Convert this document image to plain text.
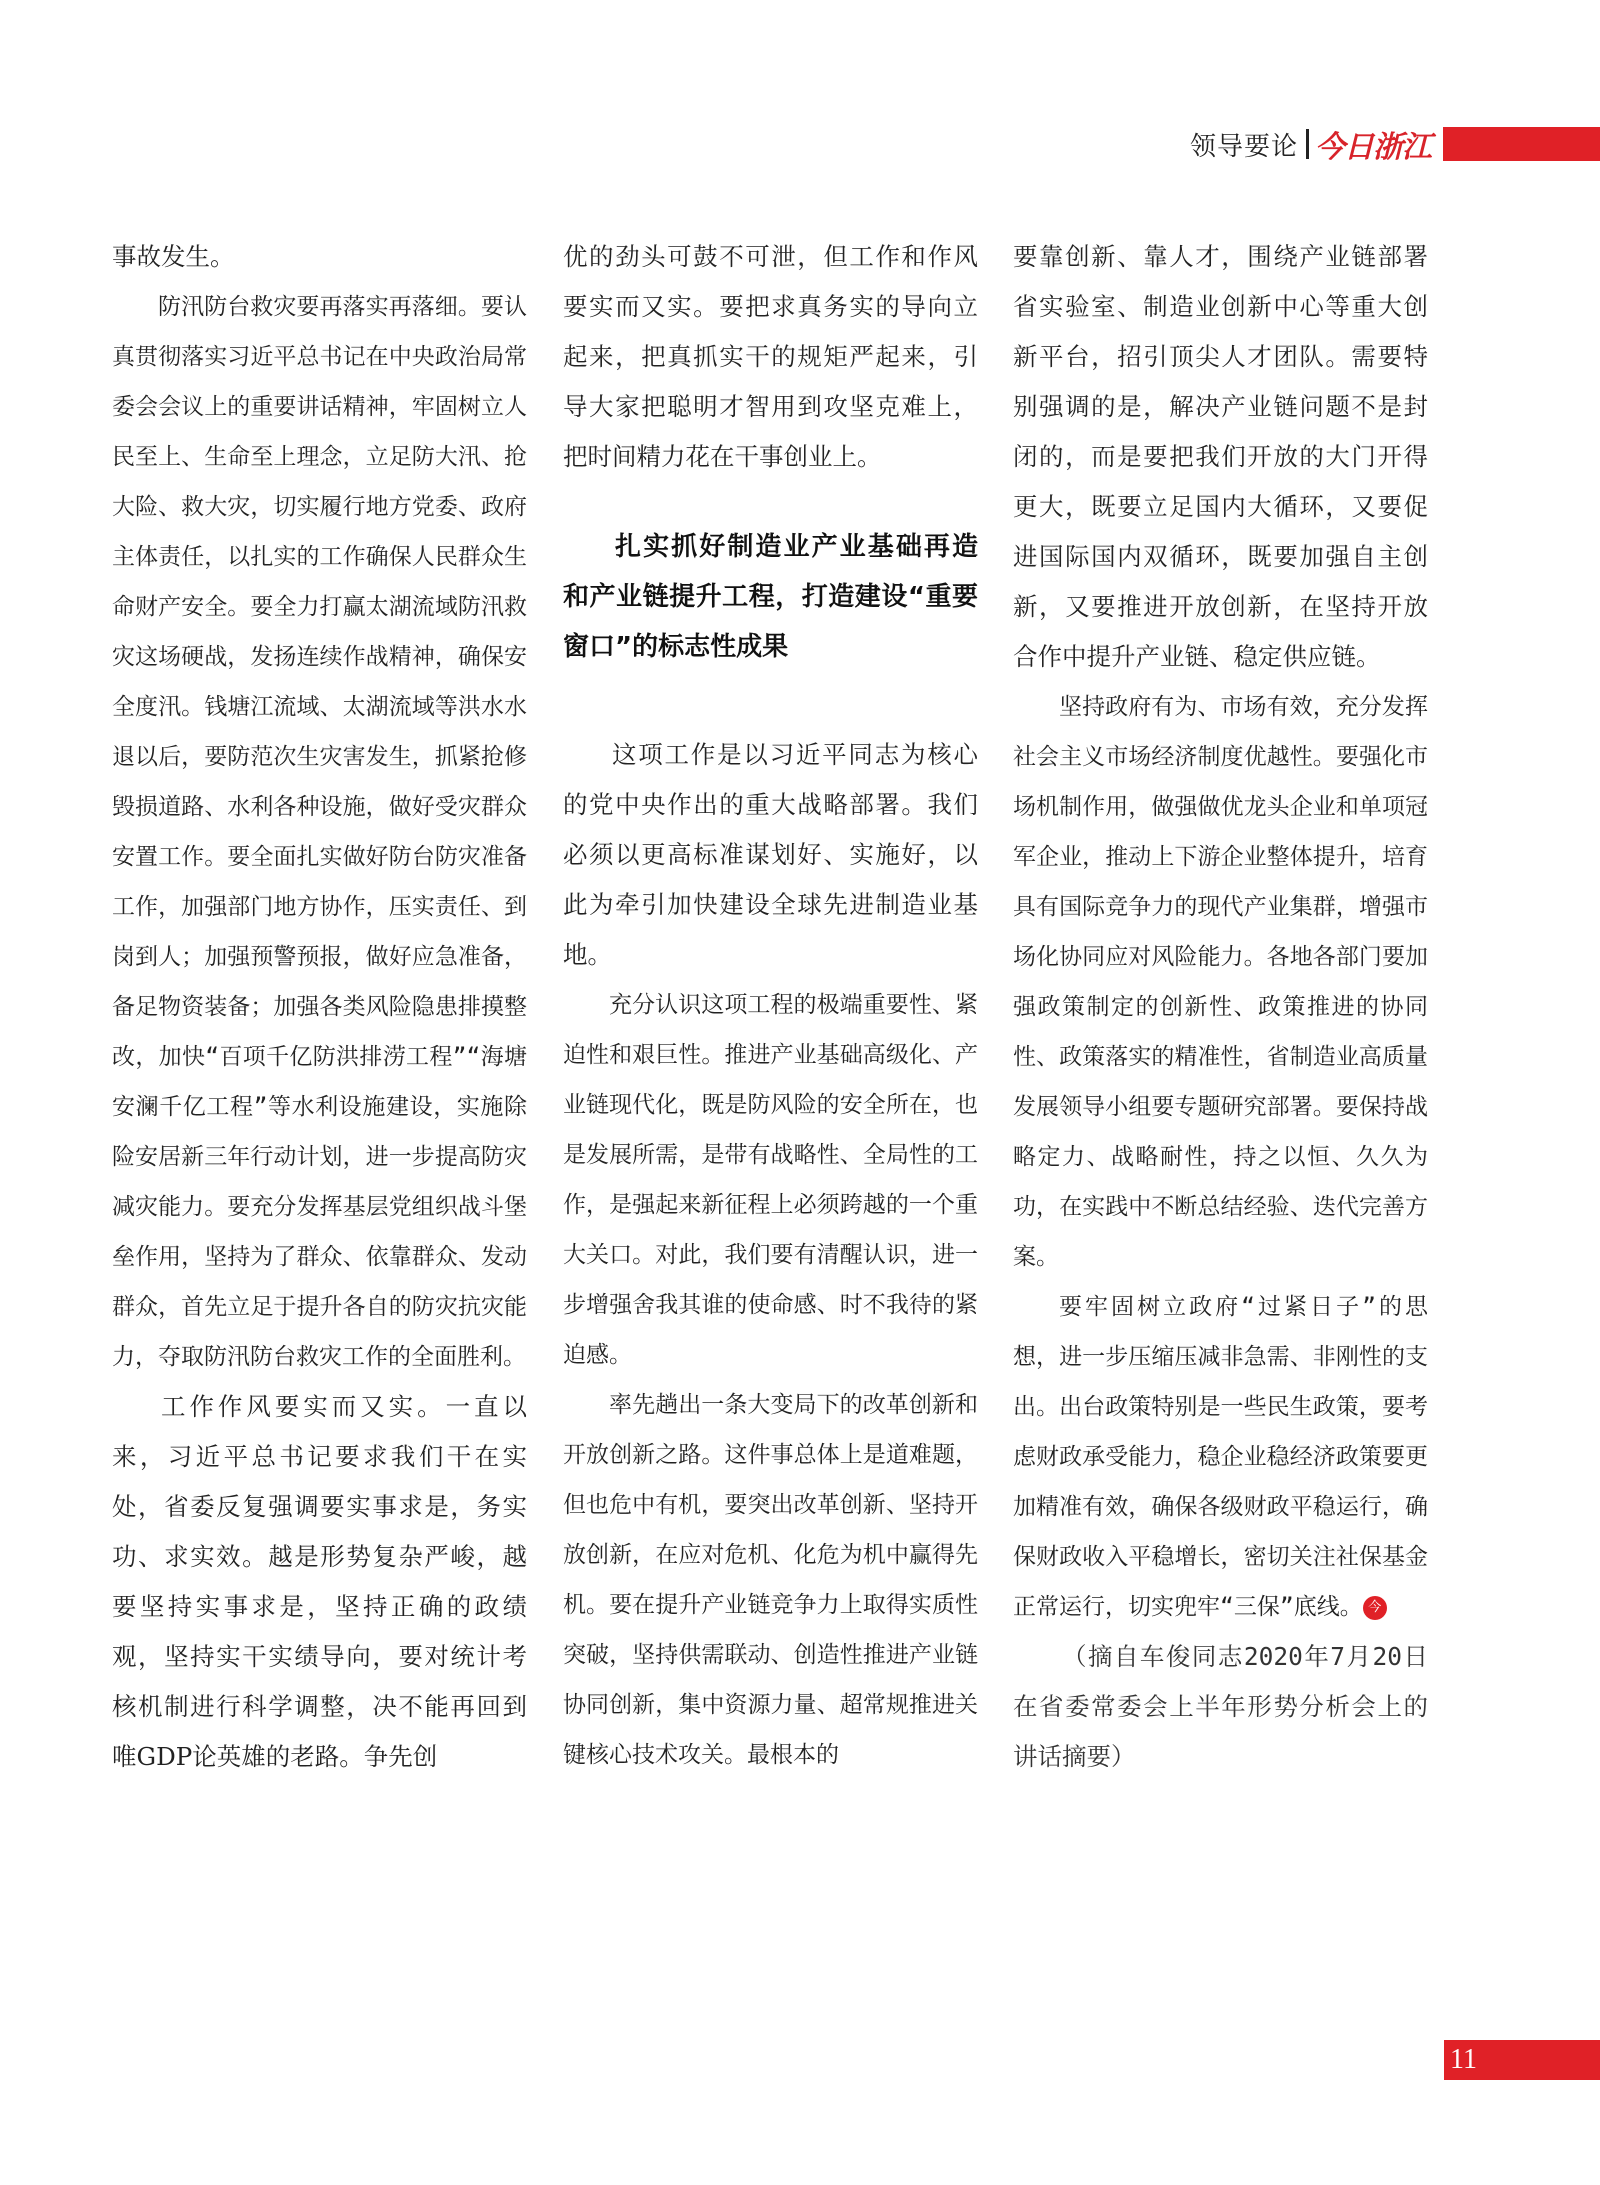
领导要论 今日浙江

事故发生。

防汛防台救灾要再落实再落细。要认真贯彻落实习近平总书记在中央政治局常委会会议上的重要讲话精神，牢固树立人民至上、生命至上理念，立足防大汛、抢大险、救大灾，切实履行地方党委、政府主体责任，以扎实的工作确保人民群众生命财产安全。要全力打赢太湖流域防汛救灾这场硬战，发扬连续作战精神，确保安全度汛。钱塘江流域、太湖流域等洪水水退以后，要防范次生灾害发生，抓紧抢修毁损道路、水利各种设施，做好受灾群众安置工作。要全面扎实做好防台防灾准备工作，加强部门地方协作，压实责任、到岗到人；加强预警预报，做好应急准备，备足物资装备；加强各类风险隐患排摸整改，加快“百项千亿防洪排涝工程”“海塘安澜千亿工程”等水利设施建设，实施除险安居新三年行动计划，进一步提高防灾减灾能力。要充分发挥基层党组织战斗堡垒作用，坚持为了群众、依靠群众、发动群众，首先立足于提升各自的防灾抗灾能力，夺取防汛防台救灾工作的全面胜利。

工作作风要实而又实。一直以来，习近平总书记要求我们干在实处，省委反复强调要实事求是，务实功、求实效。越是形势复杂严峻，越要坚持实事求是，坚持正确的政绩观，坚持实干实绩导向，要对统计考核机制进行科学调整，决不能再回到唯GDP论英雄的老路。争先创

优的劲头可鼓不可泄，但工作和作风要实而又实。要把求真务实的导向立起来，把真抓实干的规矩严起来，引导大家把聪明才智用到攻坚克难上，把时间精力花在干事创业上。

扎实抓好制造业产业基础再造和产业链提升工程，打造建设“重要窗口”的标志性成果

这项工作是以习近平同志为核心的党中央作出的重大战略部署。我们必须以更高标准谋划好、实施好，以此为牵引加快建设全球先进制造业基地。

充分认识这项工程的极端重要性、紧迫性和艰巨性。推进产业基础高级化、产业链现代化，既是防风险的安全所在，也是发展所需，是带有战略性、全局性的工作，是强起来新征程上必须跨越的一个重大关口。对此，我们要有清醒认识，进一步增强舍我其谁的使命感、时不我待的紧迫感。

率先趟出一条大变局下的改革创新和开放创新之路。这件事总体上是道难题，但也危中有机，要突出改革创新、坚持开放创新，在应对危机、化危为机中赢得先机。要在提升产业链竞争力上取得实质性突破，坚持供需联动、创造性推进产业链协同创新，集中资源力量、超常规推进关键核心技术攻关。最根本的

要靠创新、靠人才，围绕产业链部署省实验室、制造业创新中心等重大创新平台，招引顶尖人才团队。需要特别强调的是，解决产业链问题不是封闭的，而是要把我们开放的大门开得更大，既要立足国内大循环，又要促进国际国内双循环，既要加强自主创新，又要推进开放创新，在坚持开放合作中提升产业链、稳定供应链。

坚持政府有为、市场有效，充分发挥社会主义市场经济制度优越性。要强化市场机制作用，做强做优龙头企业和单项冠军企业，推动上下游企业整体提升，培育具有国际竞争力的现代产业集群，增强市场化协同应对风险能力。各地各部门要加强政策制定的创新性、政策推进的协同性、政策落实的精准性，省制造业高质量发展领导小组要专题研究部署。要保持战略定力、战略耐性，持之以恒、久久为功，在实践中不断总结经验、迭代完善方案。

要牢固树立政府“过紧日子”的思想，进一步压缩压减非急需、非刚性的支出。出台政策特别是一些民生政策，要考虑财政承受能力，稳企业稳经济政策要更加精准有效，确保各级财政平稳运行，确保财政收入平稳增长，密切关注社保基金正常运行，切实兜牢“三保”底线。 今

（摘自车俊同志2020年7月20日在省委常委会上半年形势分析会上的讲话摘要）

11
